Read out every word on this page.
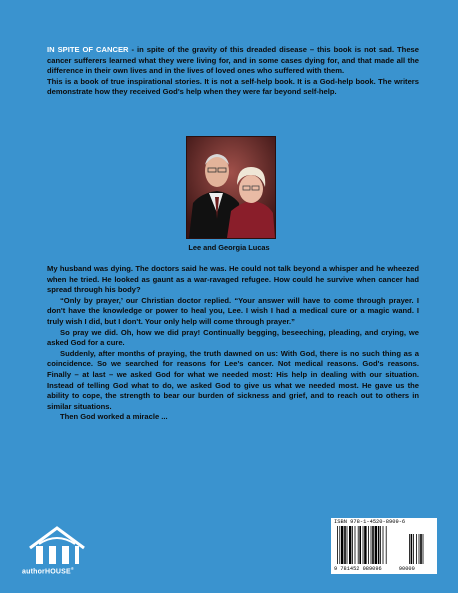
IN SPITE OF CANCER - in spite of the gravity of this dreaded disease – this book is not sad. These cancer sufferers learned what they were living for, and in some cases dying for, and that made all the difference in their own lives and in the lives of loved ones who suffered with them.
This is a book of true inspirational stories. It is not a self-help book. It is a God-help book. The writers demonstrate how they received God's help when they were far beyond self-help.
Lee and Georgia Lucas

My husband was dying. The doctors said he was. He could not talk beyond a whisper and he wheezed when he tried. He looked as gaunt as a war-ravaged refugee. How could he survive when cancer had spread through his body?

“Only by prayer,’ our Christian doctor replied. “Your answer will have to come through prayer. I don't have the knowledge or power to heal you, Lee. I wish I had a medical cure or a magic wand. I truly wish I did, but I don't. Your only help will come through prayer.”

So pray we did. Oh, how we did pray! Continually begging, beseeching, pleading, and crying, we asked God for a cure.

Suddenly, after months of praying, the truth dawned on us: With God, there is no such thing as a coincidence. So we searched for reasons for Lee's cancer. Not medical reasons. God's reasons. Finally – at last – we asked God for what we needed most: His help in dealing with our situation. Instead of telling God what to do, we asked God to give us what we needed most. He gave us the ability to cope, the strength to bear our burden of sickness and grief, and to reach out to others in similar situations.

Then God worked a miracle ...

authorHOUSE®
ISBN 978-1-4520-8909-6
9 781452 089096	90000
